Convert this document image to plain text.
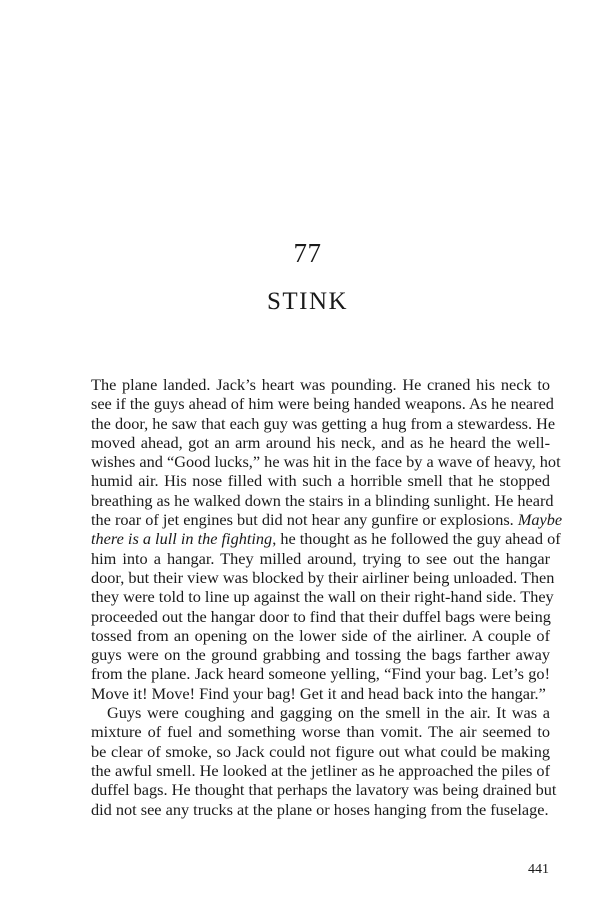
77
STINK
The plane landed. Jack’s heart was pounding. He craned his neck to
see if the guys ahead of him were being handed weapons. As he neared
the door, he saw that each guy was getting a hug from a stewardess. He
moved ahead, got an arm around his neck, and as he heard the well-
wishes and “Good lucks,” he was hit in the face by a wave of heavy, hot
humid air. His nose filled with such a horrible smell that he stopped
breathing as he walked down the stairs in a blinding sunlight. He heard
the roar of jet engines but did not hear any gunfire or explosions. Maybe
there is a lull in the fighting, he thought as he followed the guy ahead of
him into a hangar. They milled around, trying to see out the hangar
door, but their view was blocked by their airliner being unloaded. Then
they were told to line up against the wall on their right-hand side. They
proceeded out the hangar door to find that their duffel bags were being
tossed from an opening on the lower side of the airliner. A couple of
guys were on the ground grabbing and tossing the bags farther away
from the plane. Jack heard someone yelling, “Find your bag. Let’s go!
Move it! Move! Find your bag! Get it and head back into the hangar.”
Guys were coughing and gagging on the smell in the air. It was a
mixture of fuel and something worse than vomit. The air seemed to
be clear of smoke, so Jack could not figure out what could be making
the awful smell. He looked at the jetliner as he approached the piles of
duffel bags. He thought that perhaps the lavatory was being drained but
did not see any trucks at the plane or hoses hanging from the fuselage.
441
